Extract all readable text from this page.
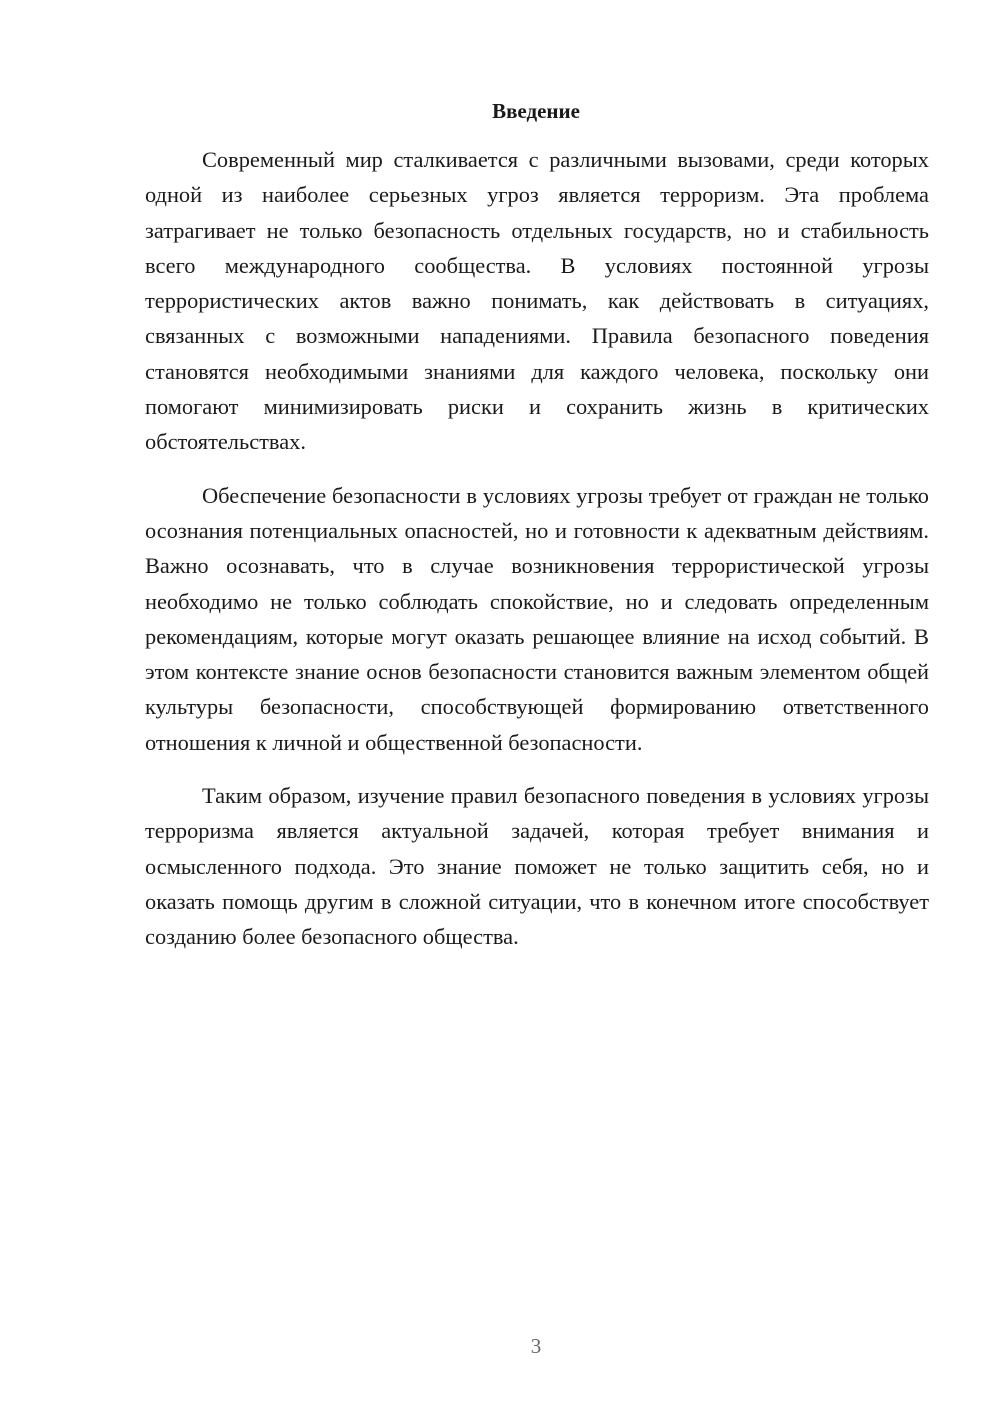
Введение

Современный мир сталкивается с различными вызовами, среди которых одной из наиболее серьезных угроз является терроризм. Эта проблема затрагивает не только безопасность отдельных государств, но и стабильность всего международного сообщества. В условиях постоянной угрозы террористических актов важно понимать, как действовать в ситуациях, связанных с возможными нападениями. Правила безопасного поведения становятся необходимыми знаниями для каждого человека, поскольку они помогают минимизировать риски и сохранить жизнь в критических обстоятельствах.

Обеспечение безопасности в условиях угрозы требует от граждан не только осознания потенциальных опасностей, но и готовности к адекватным действиям. Важно осознавать, что в случае возникновения террористической угрозы необходимо не только соблюдать спокойствие, но и следовать определенным рекомендациям, которые могут оказать решающее влияние на исход событий. В этом контексте знание основ безопасности становится важным элементом общей культуры безопасности, способствующей формированию ответственного отношения к личной и общественной безопасности.

Таким образом, изучение правил безопасного поведения в условиях угрозы терроризма является актуальной задачей, которая требует внимания и осмысленного подхода. Это знание поможет не только защитить себя, но и оказать помощь другим в сложной ситуации, что в конечном итоге способствует созданию более безопасного общества.

3
